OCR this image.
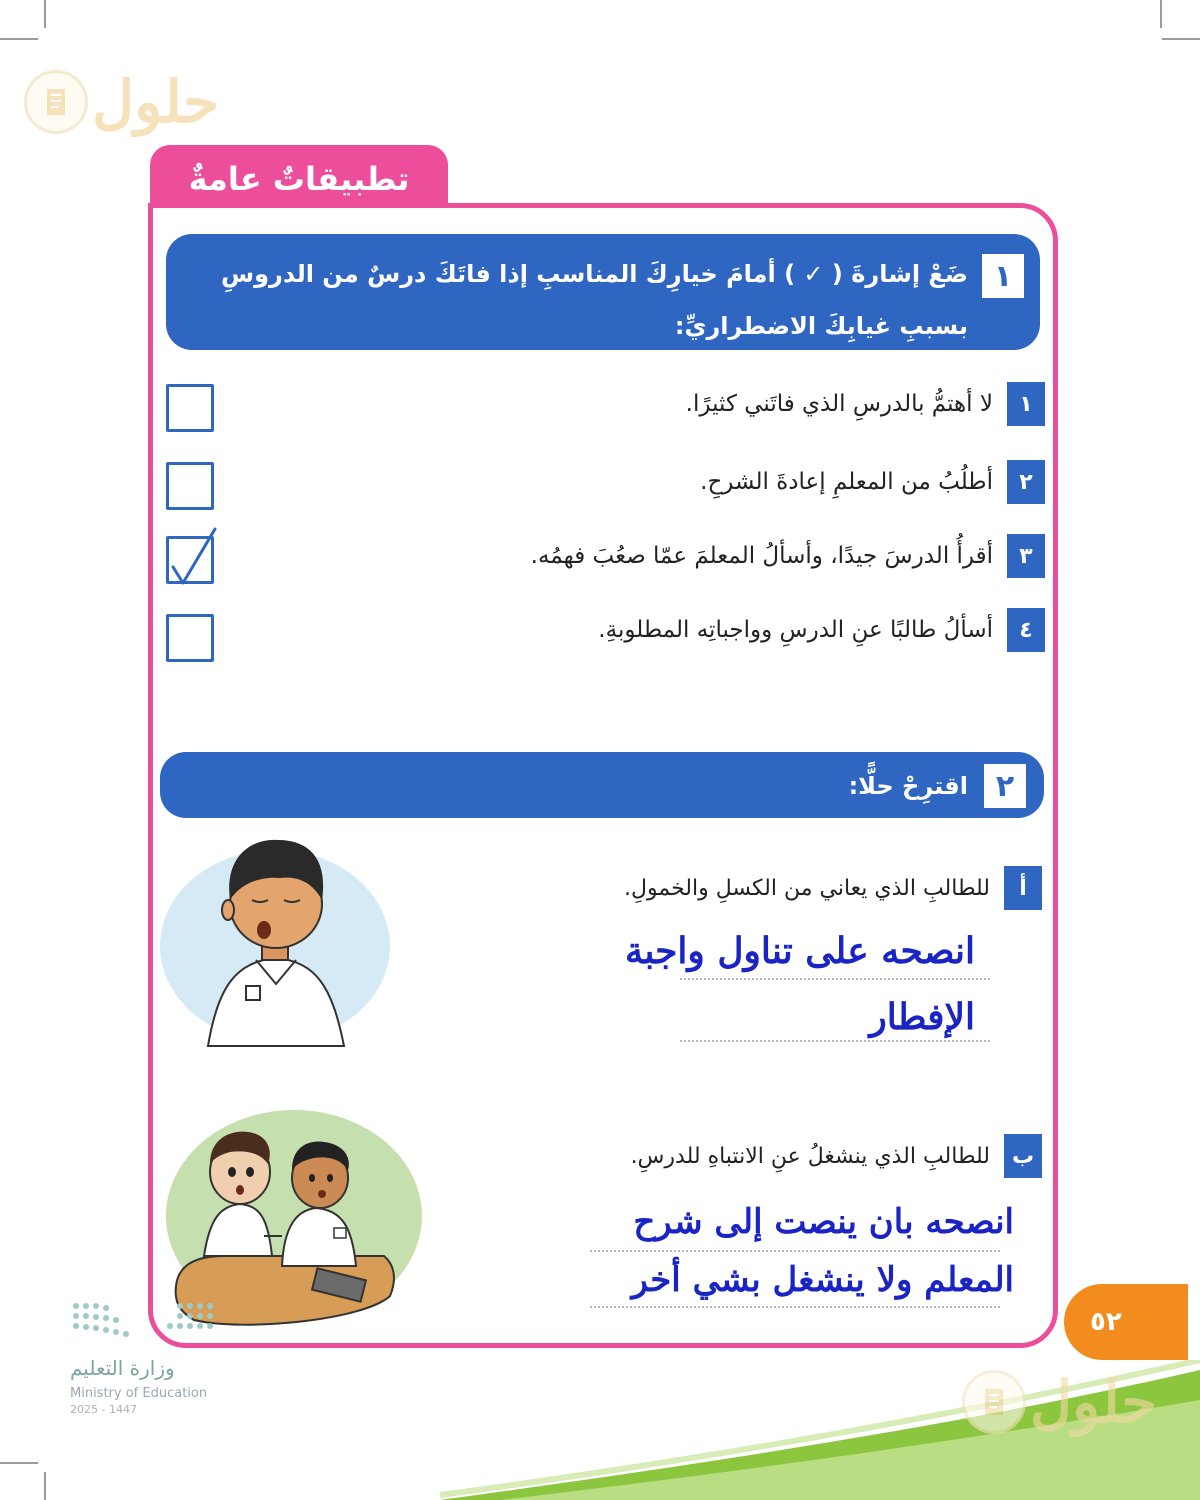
حلول
تطبيقاتٌ عامةٌ
١
ضَعْ إشارةَ ( ✓ ) أمامَ خيارِكَ المناسبِ إذا فاتَكَ درسٌ من الدروسِ بسببِ غيابِكَ الاضطراريِّ:
١
لا أهتمُّ بالدرسِ الذي فاتَني كثيرًا.
٢
أطلُبُ من المعلمِ إعادةَ الشرحِ.
٣
أقرأُ الدرسَ جيدًا، وأسألُ المعلمَ عمّا صعُبَ فهمُه.
٤
أسألُ طالبًا عنِ الدرسِ وواجباتِه المطلوبةِ.
٢
اقترِحْ حلًّا:
أ
للطالبِ الذي يعاني من الكسلِ والخمولِ.
انصحه على تناول واجبة
الإفطار
ب
للطالبِ الذي ينشغلُ عنِ الانتباهِ للدرسِ.
انصحه بان ينصت إلى شرح
المعلم ولا ينشغل بشي أخر
٥٢
وزارة التعليم
Ministry of Education
2025 - 1447	حلول
